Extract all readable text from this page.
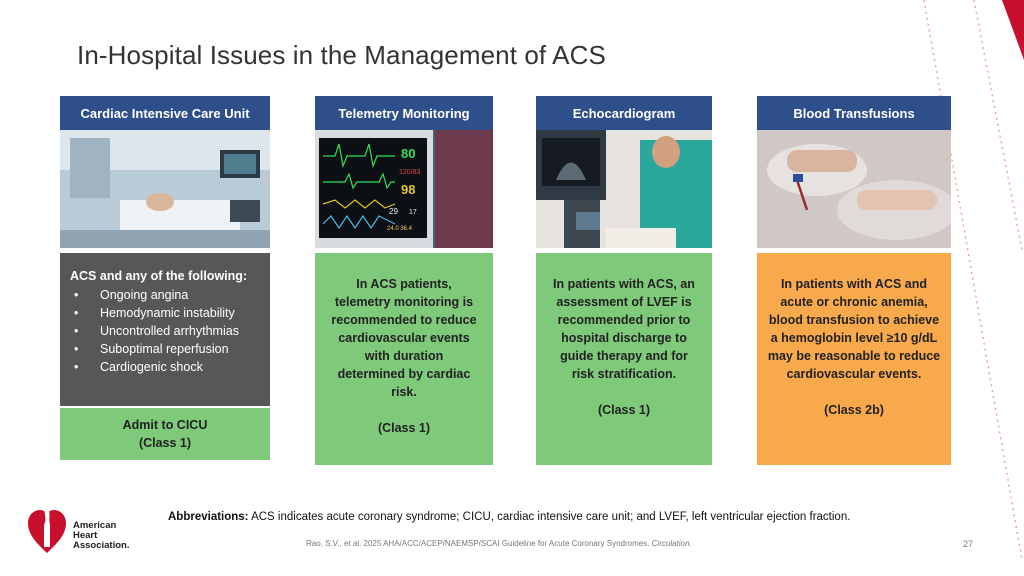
In-Hospital Issues in the Management of ACS
Cardiac Intensive Care Unit
ACS and any of the following:
• Ongoing angina
• Hemodynamic instability
• Uncontrolled arrhythmias
• Suboptimal reperfusion
• Cardiogenic shock
Admit to CICU
(Class 1)
Telemetry Monitoring
80
120/83
98
29 17
24.0 36.4
In ACS patients,
telemetry monitoring is
recommended to reduce
cardiovascular events
with duration
determined by cardiac
risk.
(Class 1)
Echocardiogram
In patients with ACS, an
assessment of LVEF is
recommended prior to
hospital discharge to
guide therapy and for
risk stratification.
(Class 1)
Blood Transfusions
In patients with ACS and
acute or chronic anemia,
blood transfusion to achieve
a hemoglobin level ≥10 g/dL
may be reasonable to reduce
cardiovascular events.
(Class 2b)
Abbreviations: ACS indicates acute coronary syndrome; CICU, cardiac intensive care unit; and LVEF, left ventricular ejection fraction.
American
Heart
Association.	Rao, S.V., et al. 2025 AHA/ACC/ACEP/NAEMSP/SCAI Guideline for Acute Coronary Syndromes. Circulation.	27
